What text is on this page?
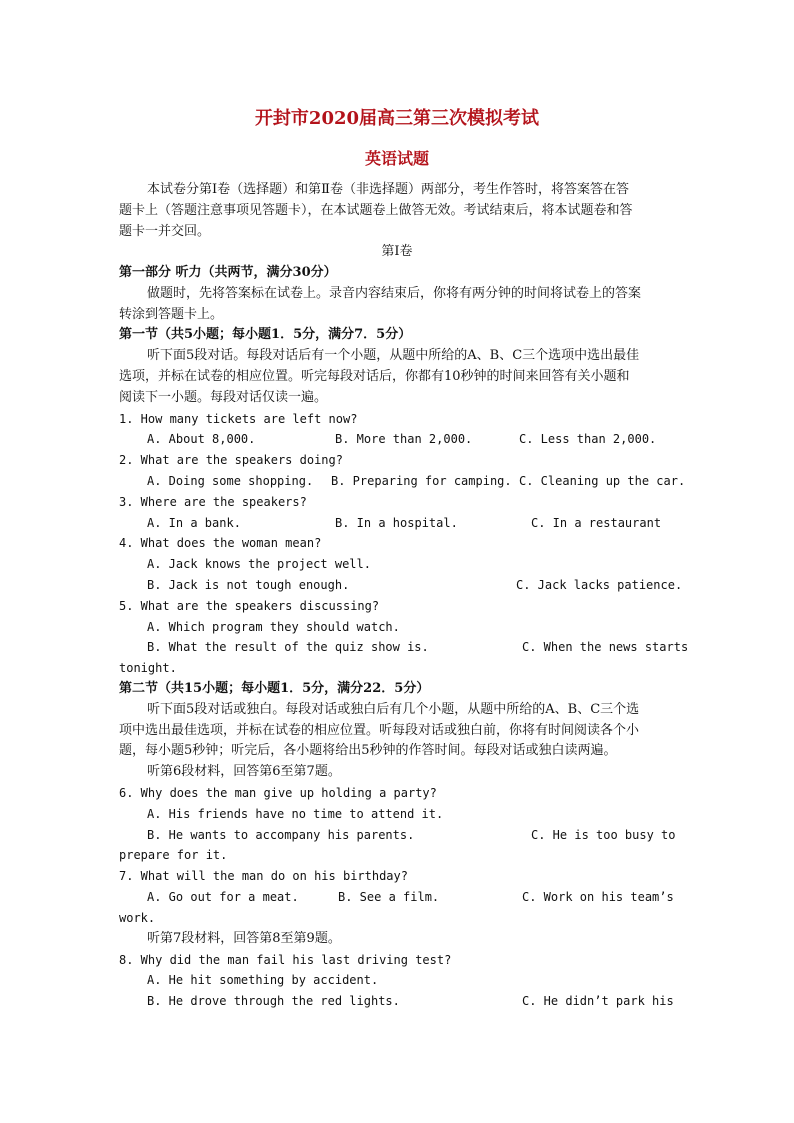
开封市2020届高三第三次模拟考试
英语试题
本试卷分第Ⅰ卷（选择题）和第Ⅱ卷（非选择题）两部分，考生作答时，将答案答在答
题卡上（答题注意事项见答题卡），在本试题卷上做答无效。考试结束后，将本试题卷和答
题卡一并交回。
第Ⅰ卷
第一部分 听力（共两节，满分30分）
做题时，先将答案标在试卷上。录音内容结束后，你将有两分钟的时间将试卷上的答案
转涂到答题卡上。
第一节（共5小题；每小题1．5分，满分7．5分）
听下面5段对话。每段对话后有一个小题，从题中所给的A、B、C三个选项中选出最佳
选项，并标在试卷的相应位置。听完每段对话后，你都有10秒钟的时间来回答有关小题和
阅读下一小题。每段对话仅读一遍。
1. How many tickets are left now?
A. About 8,000.	B. More than 2,000.	C. Less than 2,000.
2. What are the speakers doing?
A. Doing some shopping. B. Preparing for camping. C. Cleaning up the car.
3. Where are the speakers?
A. In a bank.	B. In a hospital.	C. In a restaurant
4. What does the woman mean?
A. Jack knows the project well.
B. Jack is not tough enough.	C. Jack lacks patience.
5. What are the speakers discussing?
A. Which program they should watch.
B. What the result of the quiz show is.	C. When the news starts
tonight.
第二节（共15小题；每小题1．5分，满分22．5分）
听下面5段对话或独白。每段对话或独白后有几个小题，从题中所给的A、B、C三个选
项中选出最佳选项，并标在试卷的相应位置。听每段对话或独白前，你将有时间阅读各个小
题，每小题5秒钟；听完后，各小题将给出5秒钟的作答时间。每段对话或独白读两遍。
听第6段材料，回答第6至第7题。
6. Why does the man give up holding a party?
A. His friends have no time to attend it.
B. He wants to accompany his parents.	C. He is too busy to
prepare for it.
7. What will the man do on his birthday?
A. Go out for a meat.	B. See a film.	C. Work on his team’s
work.
听第7段材料，回答第8至第9题。
8. Why did the man fail his last driving test?
A. He hit something by accident.
B. He drove through the red lights.	C. He didn’t park his
